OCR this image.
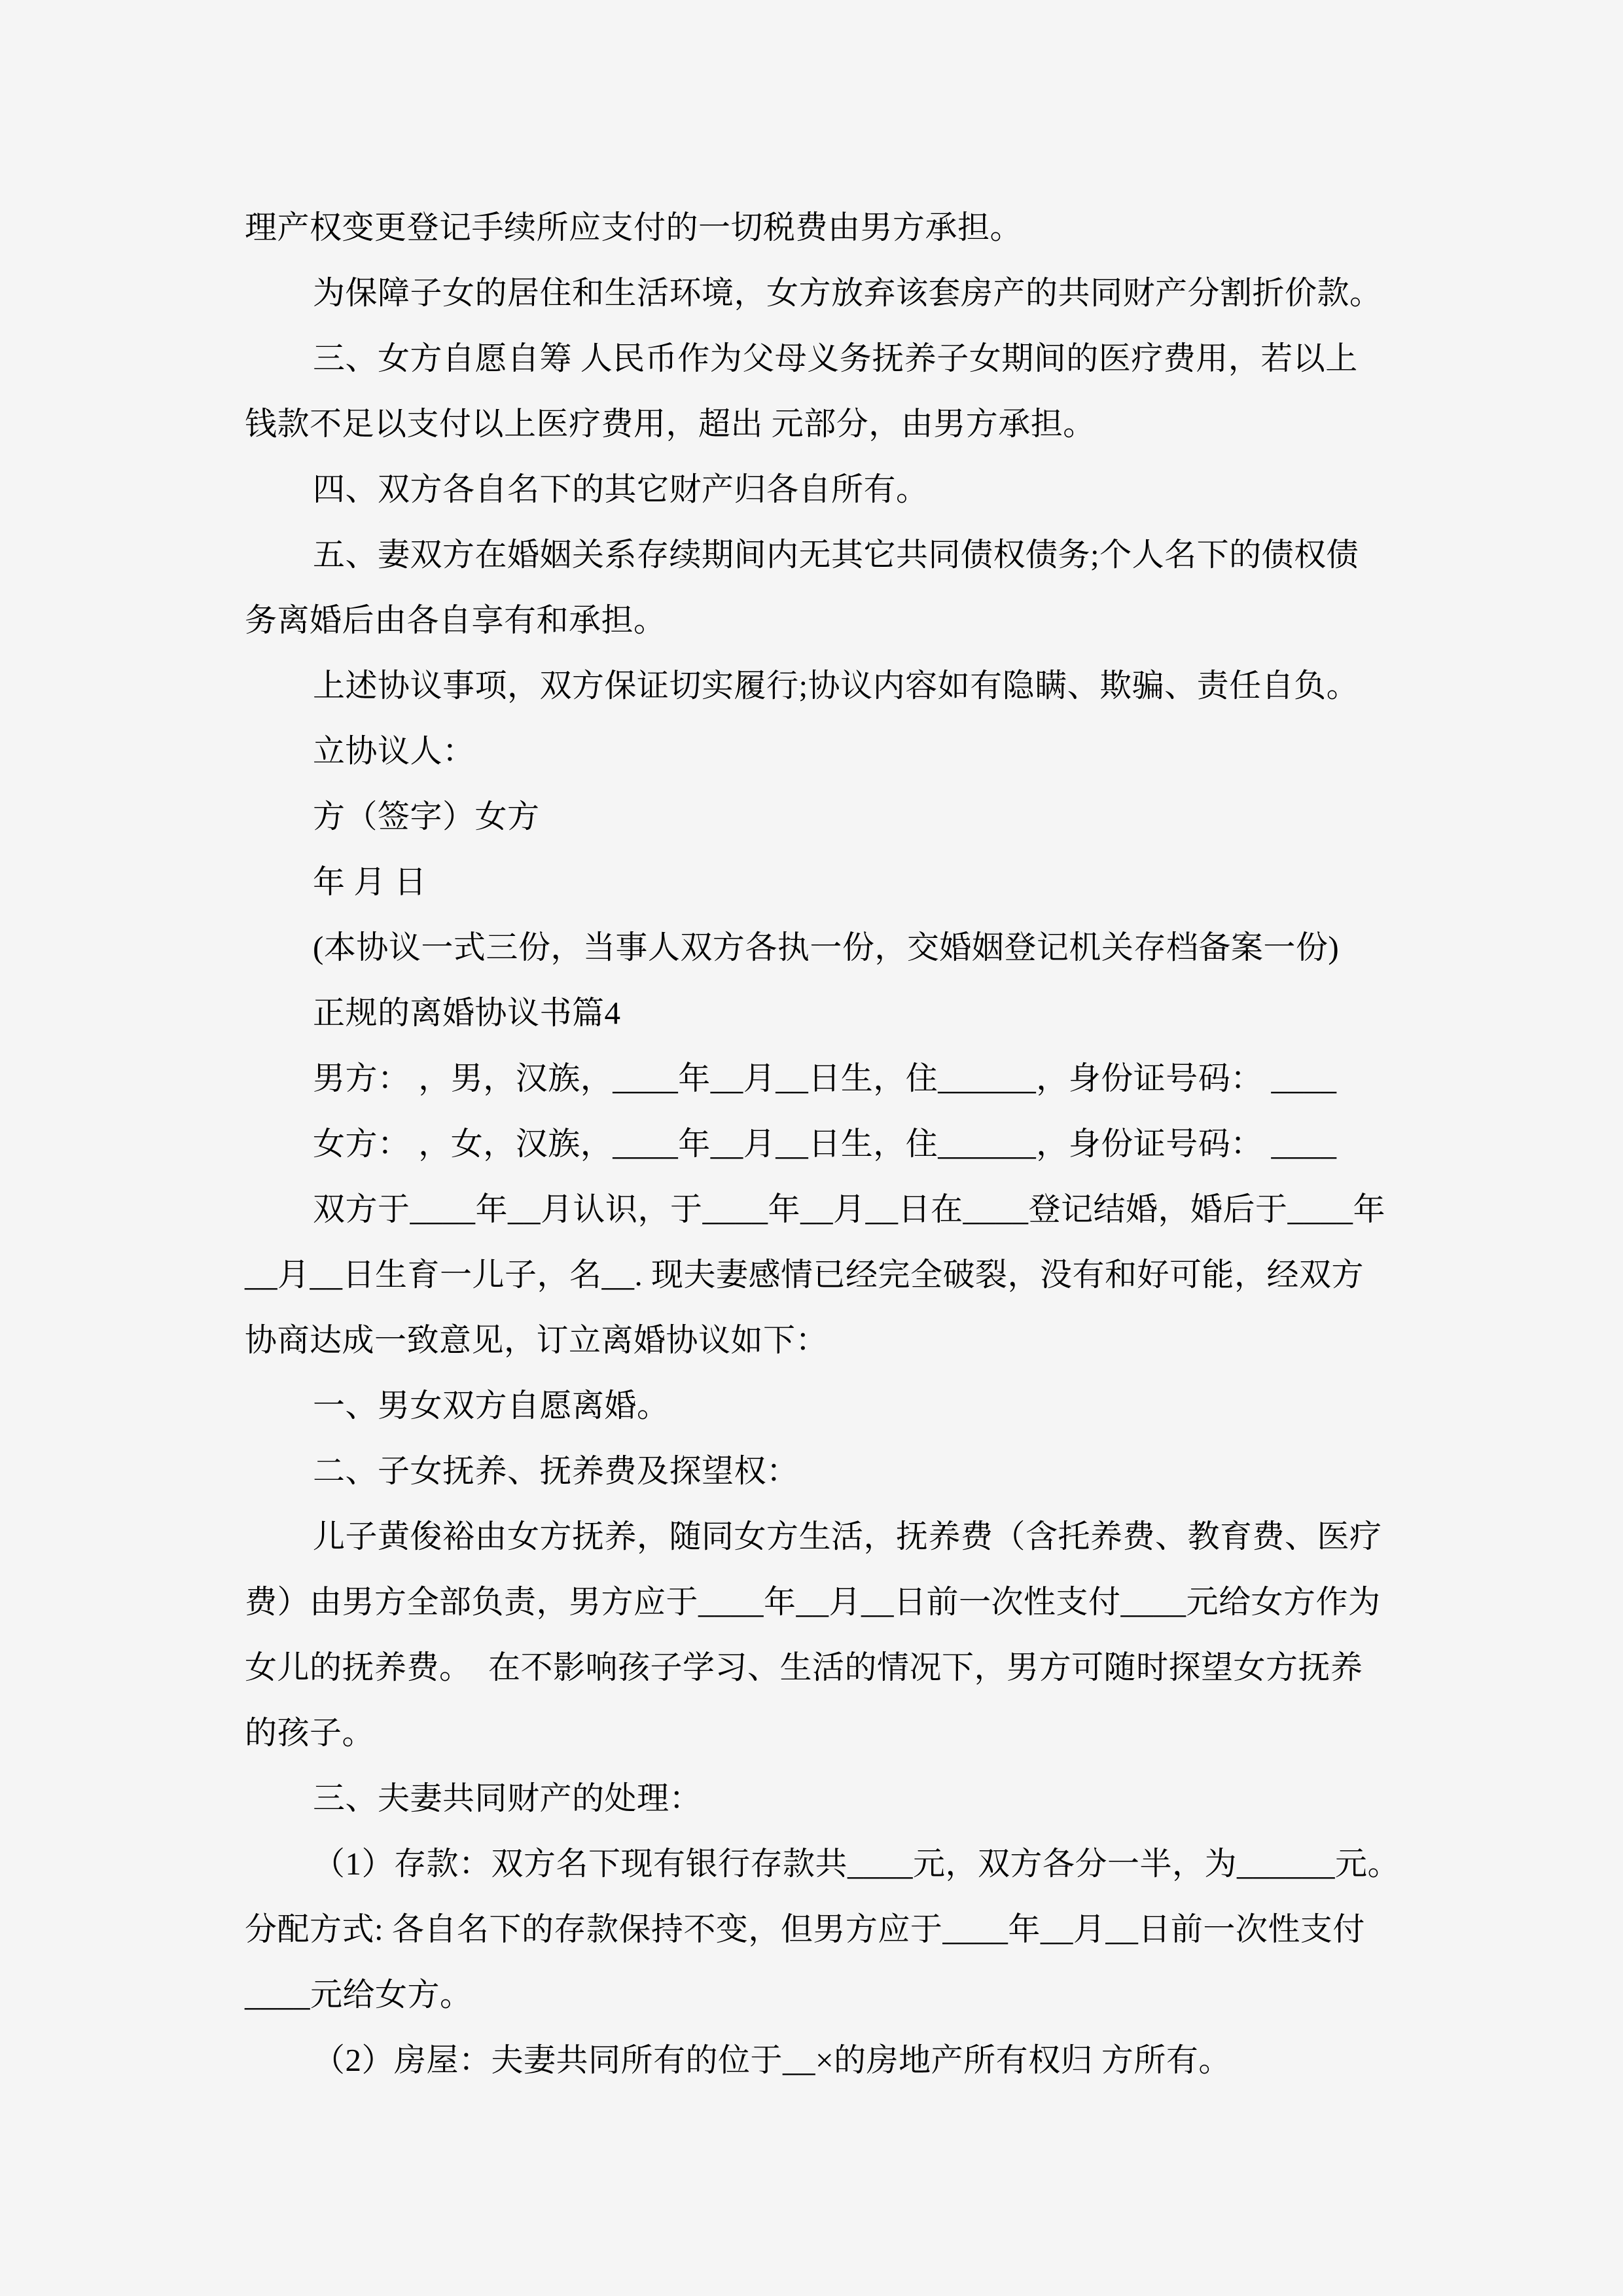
理产权变更登记手续所应支付的一切税费由男方承担。
为保障子女的居住和生活环境，女方放弃该套房产的共同财产分割折价款。
三、女方自愿自筹 人民币作为父母义务抚养子女期间的医疗费用，若以上
钱款不足以支付以上医疗费用，超出 元部分，由男方承担。
四、双方各自名下的其它财产归各自所有。
五、妻双方在婚姻关系存续期间内无其它共同债权债务;个人名下的债权债
务离婚后由各自享有和承担。
上述协议事项，双方保证切实履行;协议内容如有隐瞒、欺骗、责任自负。
立协议人：
方（签字）女方
年 月 日
(本协议一式三份，当事人双方各执一份，交婚姻登记机关存档备案一份)
正规的离婚协议书篇4
男方： ，男，汉族，____年__月__日生，住______，身份证号码： ____
女方： ，女，汉族，____年__月__日生，住______，身份证号码： ____
双方于____年__月认识，于____年__月__日在____登记结婚，婚后于____年
__月__日生育一儿子，名__. 现夫妻感情已经完全破裂，没有和好可能，经双方
协商达成一致意见，订立离婚协议如下：
一、男女双方自愿离婚。
二、子女抚养、抚养费及探望权：
儿子黄俊裕由女方抚养，随同女方生活，抚养费（含托养费、教育费、医疗
费）由男方全部负责，男方应于____年__月__日前一次性支付____元给女方作为
女儿的抚养费。  在不影响孩子学习、生活的情况下，男方可随时探望女方抚养
的孩子。
三、夫妻共同财产的处理：
（1）存款：双方名下现有银行存款共____元，双方各分一半，为______元。
分配方式: 各自名下的存款保持不变，但男方应于____年__月__日前一次性支付
____元给女方。
（2）房屋：夫妻共同所有的位于__×的房地产所有权归 方所有。
